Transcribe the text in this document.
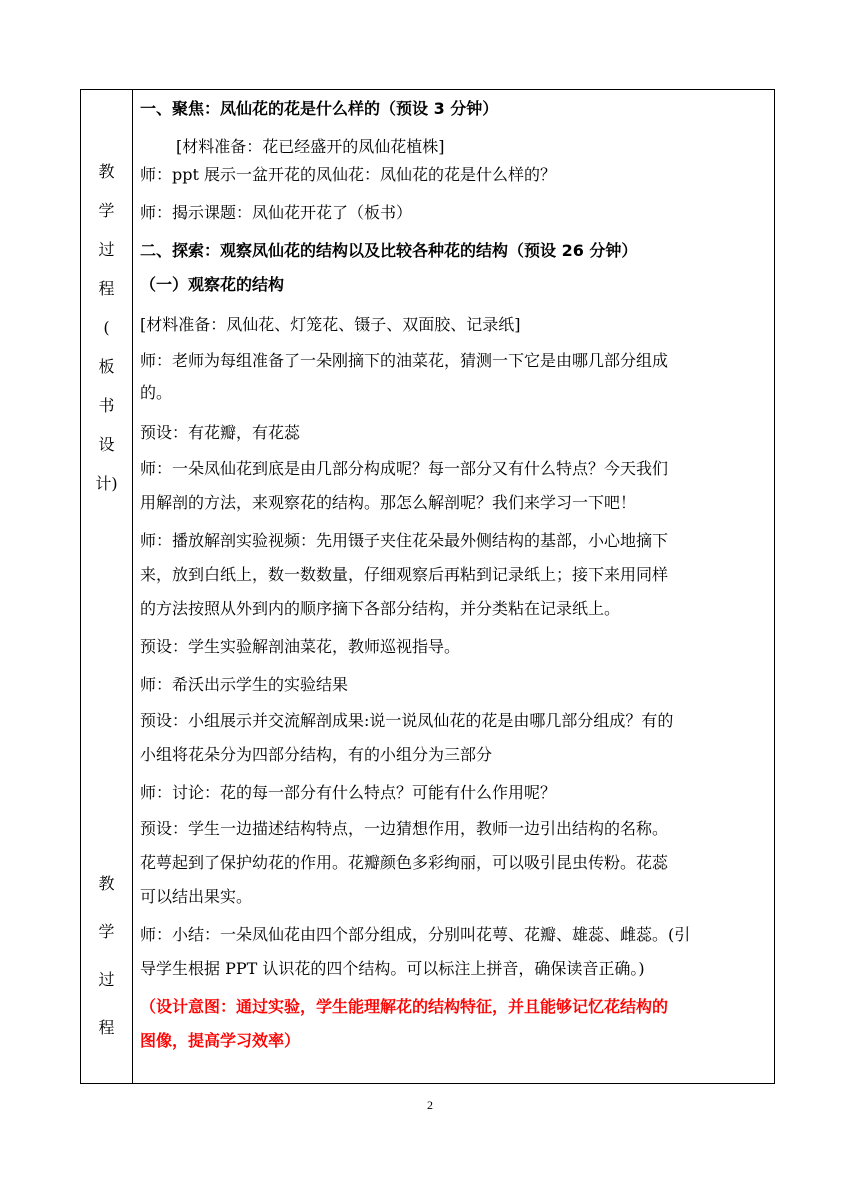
教
学
过
程
(
板
书
设
计)
教
学
过
程
一、聚焦：凤仙花的花是什么样的（预设 3 分钟）
[材料准备：花已经盛开的凤仙花植株]
师：ppt 展示一盆开花的凤仙花：凤仙花的花是什么样的？
师：揭示课题：凤仙花开花了（板书）
二、探索：观察凤仙花的结构以及比较各种花的结构（预设 26 分钟）
（一）观察花的结构
[材料准备：凤仙花、灯笼花、镊子、双面胶、记录纸]
师：老师为每组准备了一朵刚摘下的油菜花，猜测一下它是由哪几部分组成
的。
预设：有花瓣，有花蕊
师：一朵凤仙花到底是由几部分构成呢？每一部分又有什么特点？今天我们
用解剖的方法，来观察花的结构。那怎么解剖呢？我们来学习一下吧！
师：播放解剖实验视频：先用镊子夹住花朵最外侧结构的基部，小心地摘下
来，放到白纸上，数一数数量，仔细观察后再粘到记录纸上；接下来用同样
的方法按照从外到内的顺序摘下各部分结构，并分类粘在记录纸上。
预设：学生实验解剖油菜花，教师巡视指导。
师：希沃出示学生的实验结果
预设：小组展示并交流解剖成果:说一说凤仙花的花是由哪几部分组成？有的
小组将花朵分为四部分结构，有的小组分为三部分
师：讨论：花的每一部分有什么特点？可能有什么作用呢？
预设：学生一边描述结构特点，一边猜想作用，教师一边引出结构的名称。
花萼起到了保护幼花的作用。花瓣颜色多彩绚丽，可以吸引昆虫传粉。花蕊
可以结出果实。
师：小结：一朵凤仙花由四个部分组成，分别叫花萼、花瓣、雄蕊、雌蕊。(引
导学生根据 PPT 认识花的四个结构。可以标注上拼音，确保读音正确。)
（设计意图：通过实验，学生能理解花的结构特征，并且能够记忆花结构的
图像，提高学习效率）
2
